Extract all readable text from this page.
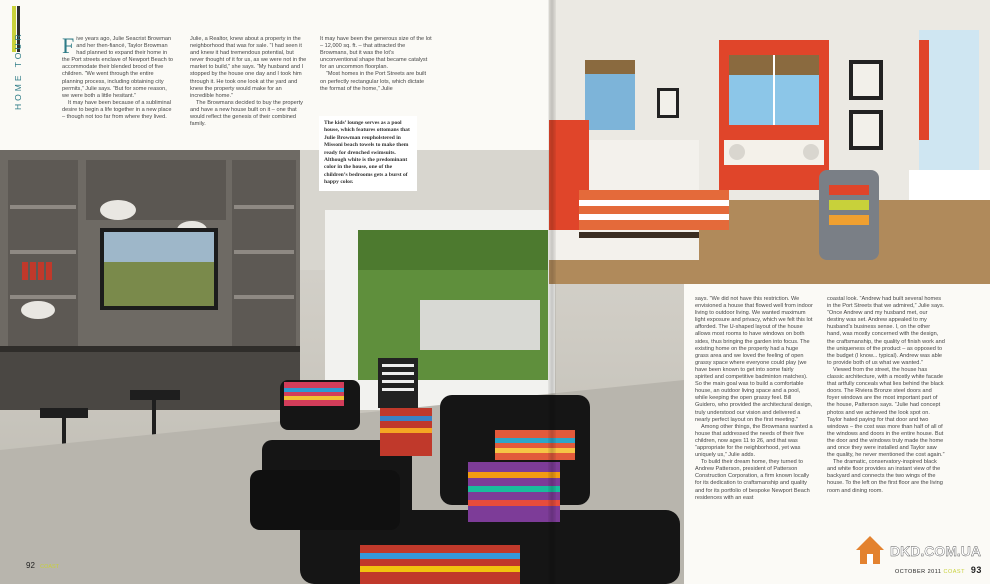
HOME TOUR Five years ago, Julie Seacrist Browman and her then-fiancé, Taylor Browman had planned to expand their home in the Port streets enclave of Newport Beach to accommodate their blended brood of five children. “We went through the entire planning process, including obtaining city permits,” Julie says. “But for some reason, we were both a little hesitant.”

It may have been because of a subliminal desire to begin a life together in a new place – though not too far from where they lived.

Julie, a Realtor, knew about a property in the neighborhood that was for sale. “I had seen it and knew it had tremendous potential, but never thought of it for us, as we were not in the market to build,” she says. “My husband and I stopped by the house one day and I took him through it. He took one look at the yard and knew the property would make for an incredible home.”

The Browmans decided to buy the property and have a new house built on it – one that would reflect the genesis of their combined family.

It may have been the generous size of the lot – 12,000 sq. ft. – that attracted the Browmans, but it was the lot’s unconventional shape that became catalyst for an uncommon floorplan.

“Most homes in the Port Streets are built on perfectly rectangular lots, which dictate the format of the home,” Julie

The kids’ lounge serves as a pool house, which features ottomans that Julie Browman reupholstered in Missoni beach towels to make them ready for drenched swimsuits. Although white is the predominant color in the house, one of the children’s bedrooms gets a burst of happy color.

says. “We did not have this restriction. We envisioned a house that flowed well from indoor living to outdoor living. We wanted maximum light exposure and privacy, which we felt this lot afforded. The U-shaped layout of the house allows most rooms to have windows on both sides, thus bringing the garden into focus. The existing home on the property had a huge grass area and we loved the feeling of open grassy space where everyone could play (we have been known to get into some fairly spirited and competitive badminton matches). So the main goal was to build a comfortable house, an outdoor living space and a pool, while keeping the open grassy feel. Bill Guidero, who provided the architectural design, truly understood our vision and delivered a nearly perfect layout on the first meeting.”

Among other things, the Browmans wanted a house that addressed the needs of their five children, now ages 11 to 26, and that was “appropriate for the neighborhood, yet was uniquely us,” Julie adds.

To build their dream home, they turned to Andrew Patterson, president of Patterson Construction Corporation, a firm known locally for its dedication to craftsmanship and quality and for its portfolio of bespoke Newport Beach residences with an east

coastal look. “Andrew had built several homes in the Port Streets that we admired,” Julie says. “Once Andrew and my husband met, our destiny was set. Andrew appealed to my husband’s business sense. I, on the other hand, was mostly concerned with the design, the craftsmanship, the quality of finish work and the uniqueness of the product – as opposed to the budget (I know... typical). Andrew was able to provide both of us what we wanted.”

Viewed from the street, the house has classic architecture, with a mostly white facade that artfully conceals what lies behind the black doors. The Riviera Bronze steel doors and foyer windows are the most important part of the house, Patterson says. “Julie had concept photos and we achieved the look spot on. Taylor hated paying for that door and two windows – the cost was more than half of all of the windows and doors in the entire house. But the door and the windows truly made the home and once they were installed and Taylor saw the quality, he never mentioned the cost again.”

The dramatic, conservatory-inspired black and white floor provides an instant view of the backyard and connects the two wings of the house. To the left on the first floor are the living room and dining room.

92 COAST
OCTOBER 2011 COAST 93
DKD.COM.UA
